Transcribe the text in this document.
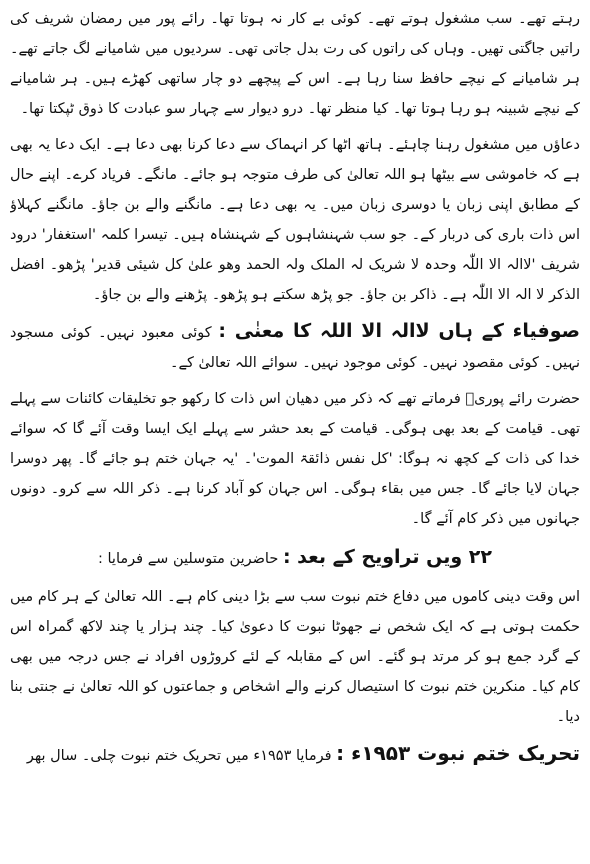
رہتے تھے۔ سب مشغول ہوتے تھے۔ کوئی بے کار نہ ہوتا تھا۔ رائے پور میں رمضان شریف کی راتیں جاگتی تھیں۔ وہاں کی راتوں کی رت بدل جاتی تھی۔ سردیوں میں شامیانے لگ جاتے تھے۔ ہر شامیانے کے نیچے حافظ سنا رہا ہے۔ اس کے پیچھے دو چار ساتھی کھڑے ہیں۔ ہر شامیانے کے نیچے شبینہ ہو رہا ہوتا تھا۔ کیا منظر تھا۔ درو دیوار سے چہار سو عبادت کا ذوق ٹپکتا تھا۔

دعاؤں میں مشغول رہنا چاہئے۔ ہاتھ اٹھا کر انہماک سے دعا کرنا بھی دعا ہے۔ ایک دعا یہ بھی ہے کہ خاموشی سے بیٹھا ہو اللہ تعالیٰ کی طرف متوجہ ہو جائے۔ مانگے۔ فریاد کرے۔ اپنے حال کے مطابق اپنی زبان یا دوسری زبان میں۔ یہ بھی دعا ہے۔ مانگنے والے بن جاؤ۔ مانگنے کہلاؤ اس ذات باری کی دربار کے۔ جو سب شہنشاہوں کے شہنشاہ ہیں۔ تیسرا کلمہ 'استغفار' درود شریف 'لاالہ الا اللّٰہ وحدہ لا شریک لہ الملک ولہ الحمد وھو علیٰ کل شیئی قدیر' پڑھو۔ افضل الذکر لا الہ الا اللّٰہ ہے۔ ذاکر بن جاؤ۔ جو پڑھ سکتے ہو پڑھو۔ پڑھنے والے بن جاؤ۔

صوفیاء کے ہاں لاالہ الا اللہ کا معنٰی : کوئی معبود نہیں۔ کوئی مسجود نہیں۔ کوئی مقصود نہیں۔ کوئی موجود نہیں۔ سوائے اللہ تعالیٰ کے۔

حضرت رائے پوریؒ فرماتے تھے کہ ذکر میں دھیان اس ذات کا رکھو جو تخلیقات کائنات سے پہلے تھی۔ قیامت کے بعد بھی ہوگی۔ قیامت کے بعد حشر سے پہلے ایک ایسا وقت آئے گا کہ سوائے خدا کی ذات کے کچھ نہ ہوگا: 'کل نفس ذائقۃ الموت'۔ 'یہ جہان ختم ہو جائے گا۔ پھر دوسرا جہان لایا جائے گا۔ جس میں بقاء ہوگی۔ اس جہان کو آباد کرنا ہے۔ ذکر اللہ سے کرو۔ دونوں جہانوں میں ذکر کام آئے گا۔

۲۲ ویں تراویح کے بعد : حاضرین متوسلین سے فرمایا :

اس وقت دینی کاموں میں دفاع ختم نبوت سب سے بڑا دینی کام ہے۔ اللہ تعالیٰ کے ہر کام میں حکمت ہوتی ہے کہ ایک شخص نے جھوٹا نبوت کا دعویٰ کیا۔ چند ہزار یا چند لاکھ گمراہ اس کے گرد جمع ہو کر مرتد ہو گئے۔ اس کے مقابلہ کے لئے کروڑوں افراد نے جس درجہ میں بھی کام کیا۔ منکرین ختم نبوت کا استیصال کرنے والے اشخاص و جماعتوں کو اللہ تعالیٰ نے جنتی بنا دیا۔

تحریک ختم نبوت ۱۹۵۳ء : فرمایا ۱۹۵۳ء میں تحریک ختم نبوت چلی۔ سال بھر
